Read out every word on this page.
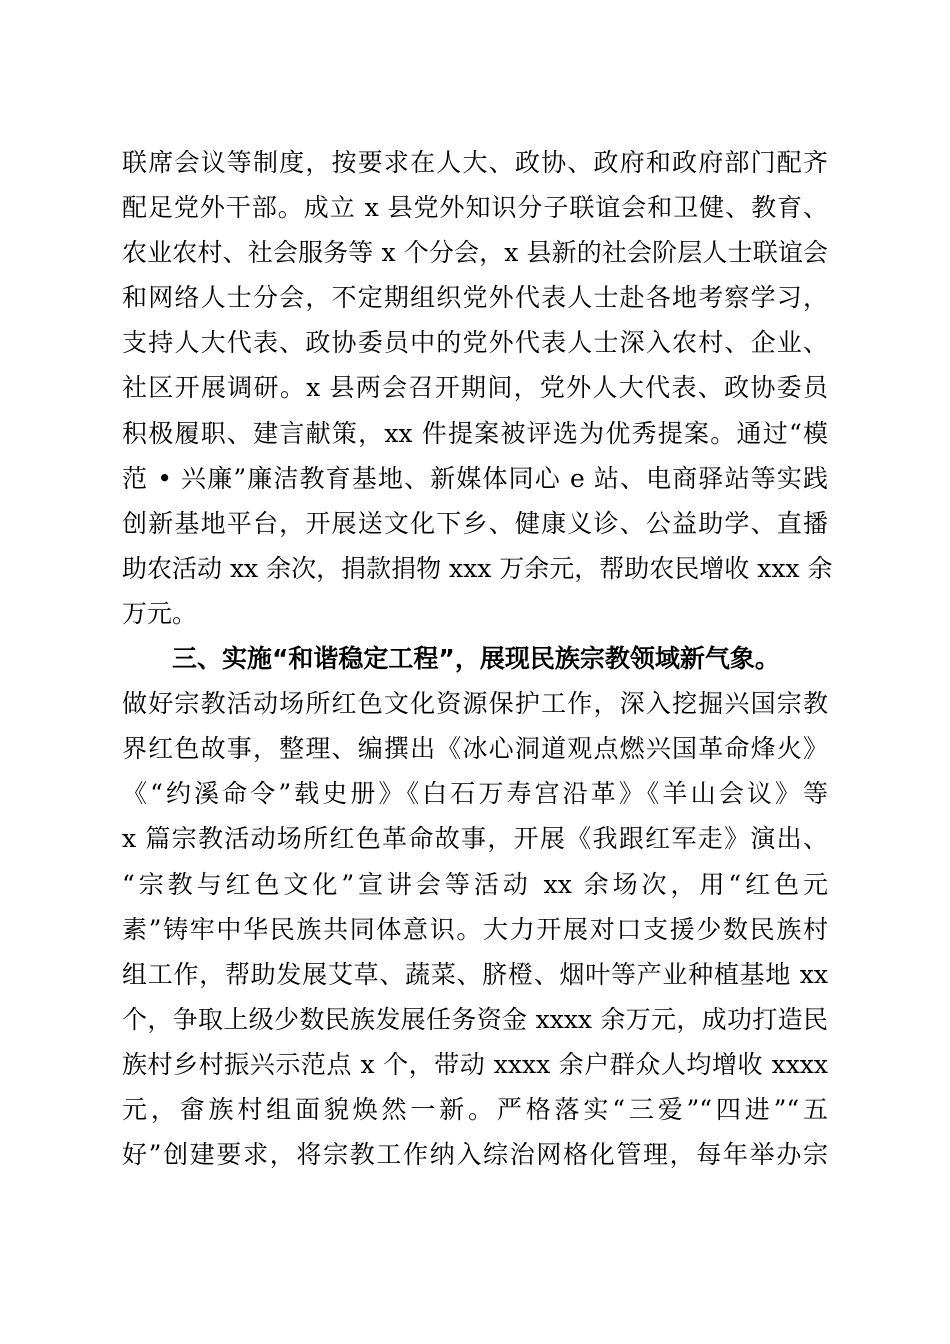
联席会议等制度，按要求在人大、政协、政府和政府部门配齐
配足党外干部。成立 x 县党外知识分子联谊会和卫健、教育、
农业农村、社会服务等 x 个分会，x 县新的社会阶层人士联谊会
和网络人士分会，不定期组织党外代表人士赴各地考察学习，
支持人大代表、政协委员中的党外代表人士深入农村、企业、
社区开展调研。x 县两会召开期间，党外人大代表、政协委员
积极履职、建言献策，xx 件提案被评选为优秀提案。通过“模
范 • 兴廉”廉洁教育基地、新媒体同心 e 站、电商驿站等实践
创新基地平台，开展送文化下乡、健康义诊、公益助学、直播
助农活动 xx 余次，捐款捐物 xxx 万余元，帮助农民增收 xxx 余
万元。
三、实施“和谐稳定工程”，展现民族宗教领域新气象。
做好宗教活动场所红色文化资源保护工作，深入挖掘兴国宗教
界红色故事，整理、编撰出《冰心洞道观点燃兴国革命烽火》
《“约溪命令”载史册》《白石万寿宫沿革》《羊山会议》等
x 篇宗教活动场所红色革命故事，开展《我跟红军走》演出、
“宗教与红色文化”宣讲会等活动 xx 余场次，用“红色元
素”铸牢中华民族共同体意识。大力开展对口支援少数民族村
组工作，帮助发展艾草、蔬菜、脐橙、烟叶等产业种植基地 xx
个，争取上级少数民族发展任务资金 xxxx 余万元，成功打造民
族村乡村振兴示范点 x 个，带动 xxxx 余户群众人均增收 xxxx
元，畲族村组面貌焕然一新。严格落实“三爱”“四进”“五
好”创建要求，将宗教工作纳入综治网格化管理，每年举办宗
